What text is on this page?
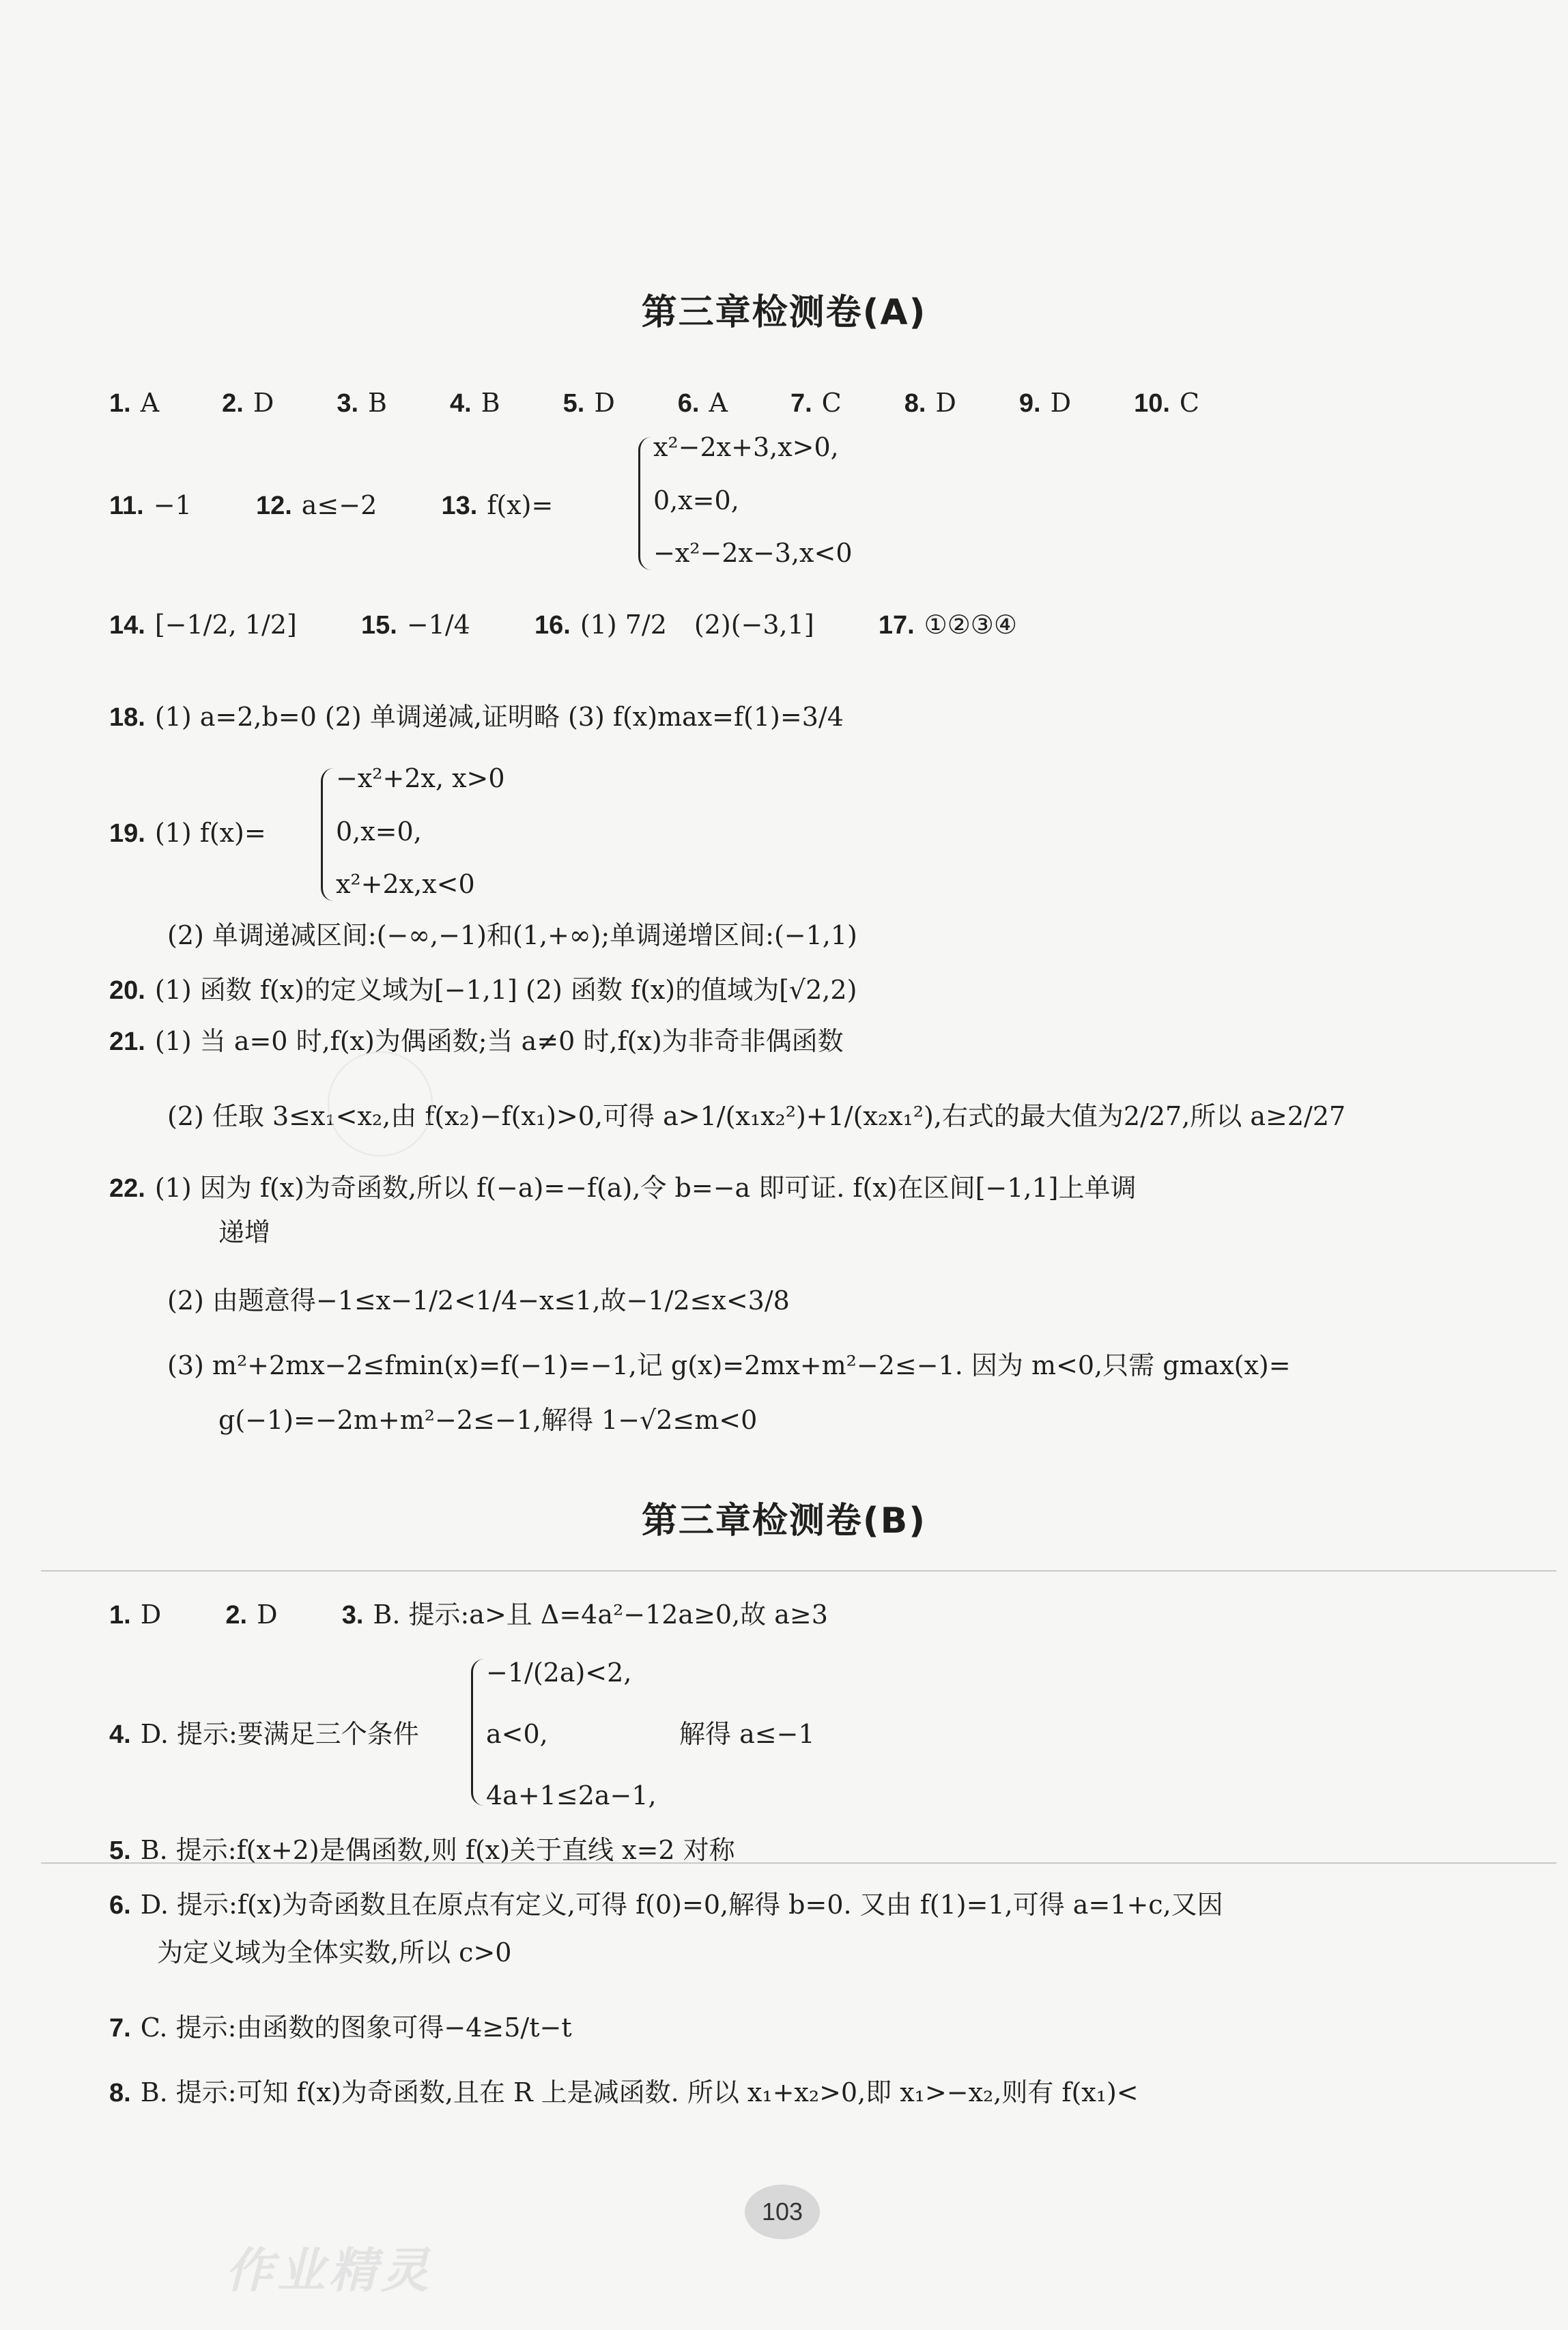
第三章检测卷(A)
1. A 2. D 3. B 4. B 5. D 6. A 7. C 8. D 9. D 10. C
11. −1 12. a≤−2 13. f(x)=
x²−2x+3,x>0,
0,x=0,
−x²−2x−3,x<0
14. [−1/2, 1/2] 15. −1/4 16. (1) 7/2 (2)(−3,1] 17. ①②③④
18. (1) a=2,b=0 (2) 单调递减,证明略 (3) f(x)max=f(1)=3/4
19. (1) f(x)=
−x²+2x, x>0
0,x=0,
x²+2x,x<0
(2) 单调递减区间:(−∞,−1)和(1,+∞);单调递增区间:(−1,1)
20. (1) 函数 f(x)的定义域为[−1,1] (2) 函数 f(x)的值域为[√2,2)
21. (1) 当 a=0 时,f(x)为偶函数;当 a≠0 时,f(x)为非奇非偶函数
(2) 任取 3≤x₁<x₂,由 f(x₂)−f(x₁)>0,可得 a>1/(x₁x₂²)+1/(x₂x₁²),右式的最大值为2/27,所以 a≥2/27
22. (1) 因为 f(x)为奇函数,所以 f(−a)=−f(a),令 b=−a 即可证. f(x)在区间[−1,1]上单调
递增
(2) 由题意得−1≤x−1/2<1/4−x≤1,故−1/2≤x<3/8
(3) m²+2mx−2≤fmin(x)=f(−1)=−1,记 g(x)=2mx+m²−2≤−1. 因为 m<0,只需 gmax(x)=
g(−1)=−2m+m²−2≤−1,解得 1−√2≤m<0
第三章检测卷(B)
1. D 2. D 3. B. 提示:a>且 Δ=4a²−12a≥0,故 a≥3
4. D. 提示:要满足三个条件
−1/(2a)<2,
a<0,
4a+1≤2a−1,
解得 a≤−1
5. B. 提示:f(x+2)是偶函数,则 f(x)关于直线 x=2 对称
6. D. 提示:f(x)为奇函数且在原点有定义,可得 f(0)=0,解得 b=0. 又由 f(1)=1,可得 a=1+c,又因
为定义域为全体实数,所以 c>0
7. C. 提示:由函数的图象可得−4≥5/t−t
8. B. 提示:可知 f(x)为奇函数,且在 R 上是减函数. 所以 x₁+x₂>0,即 x₁>−x₂,则有 f(x₁)<
103
作业精灵
